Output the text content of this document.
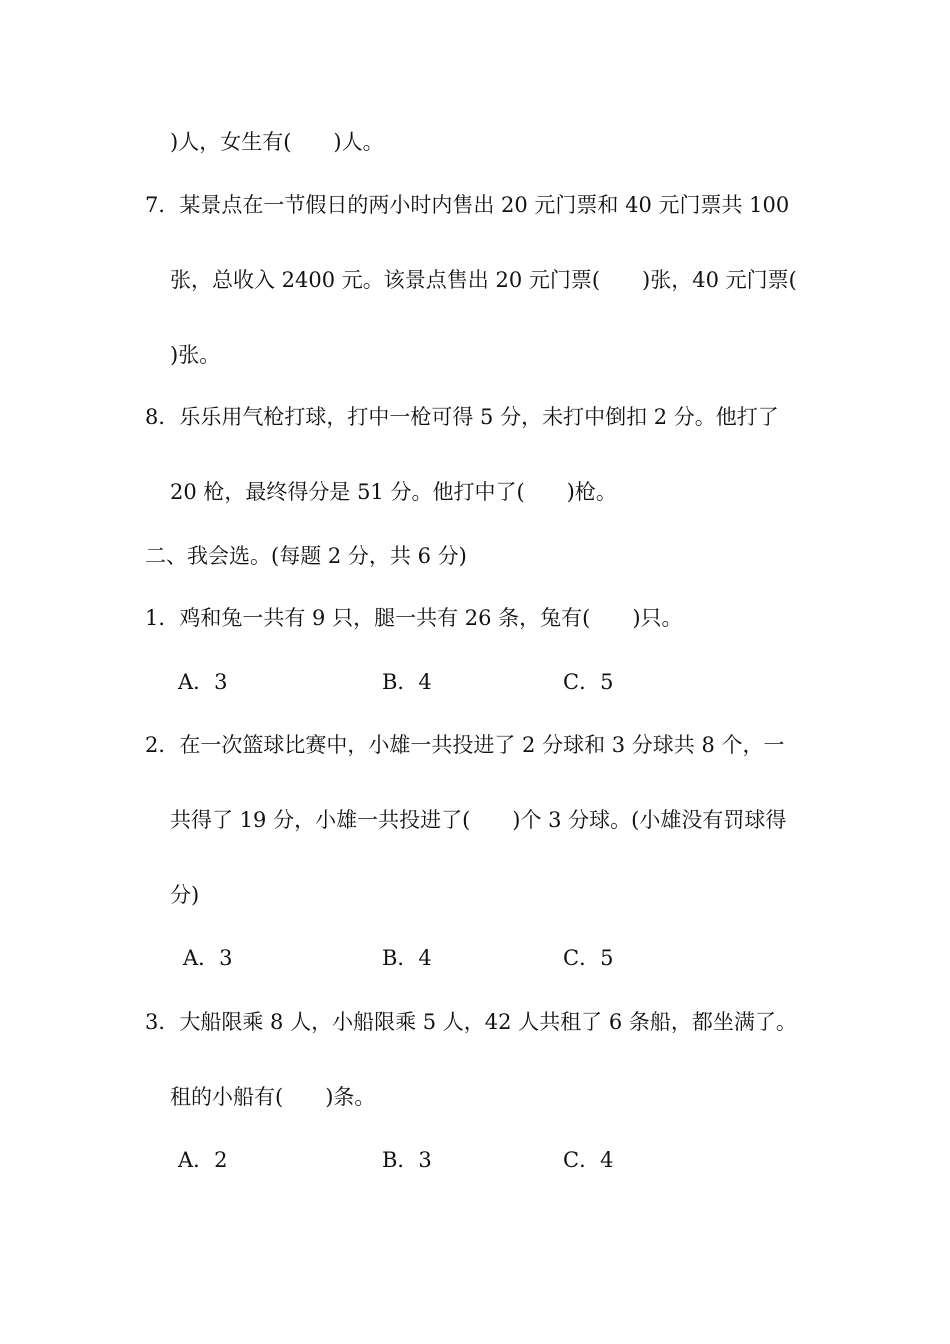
)人，女生有(　　)人。

7．某景点在一节假日的两小时内售出 20 元门票和 40 元门票共 100

张，总收入 2400 元。该景点售出 20 元门票(　　)张，40 元门票(

)张。

8．乐乐用气枪打球，打中一枪可得 5 分，未打中倒扣 2 分。他打了

20 枪，最终得分是 51 分。他打中了(　　)枪。

二、我会选。(每题 2 分，共 6 分)

1．鸡和兔一共有 9 只，腿一共有 26 条，兔有(　　)只。

A．3	B．4	C．5

2．在一次篮球比赛中，小雄一共投进了 2 分球和 3 分球共 8 个，一

共得了 19 分，小雄一共投进了(　　)个 3 分球。(小雄没有罚球得

分)

A．3	B．4	C．5

3．大船限乘 8 人，小船限乘 5 人，42 人共租了 6 条船，都坐满了。

租的小船有(　　)条。

A．2	B．3	C．4
